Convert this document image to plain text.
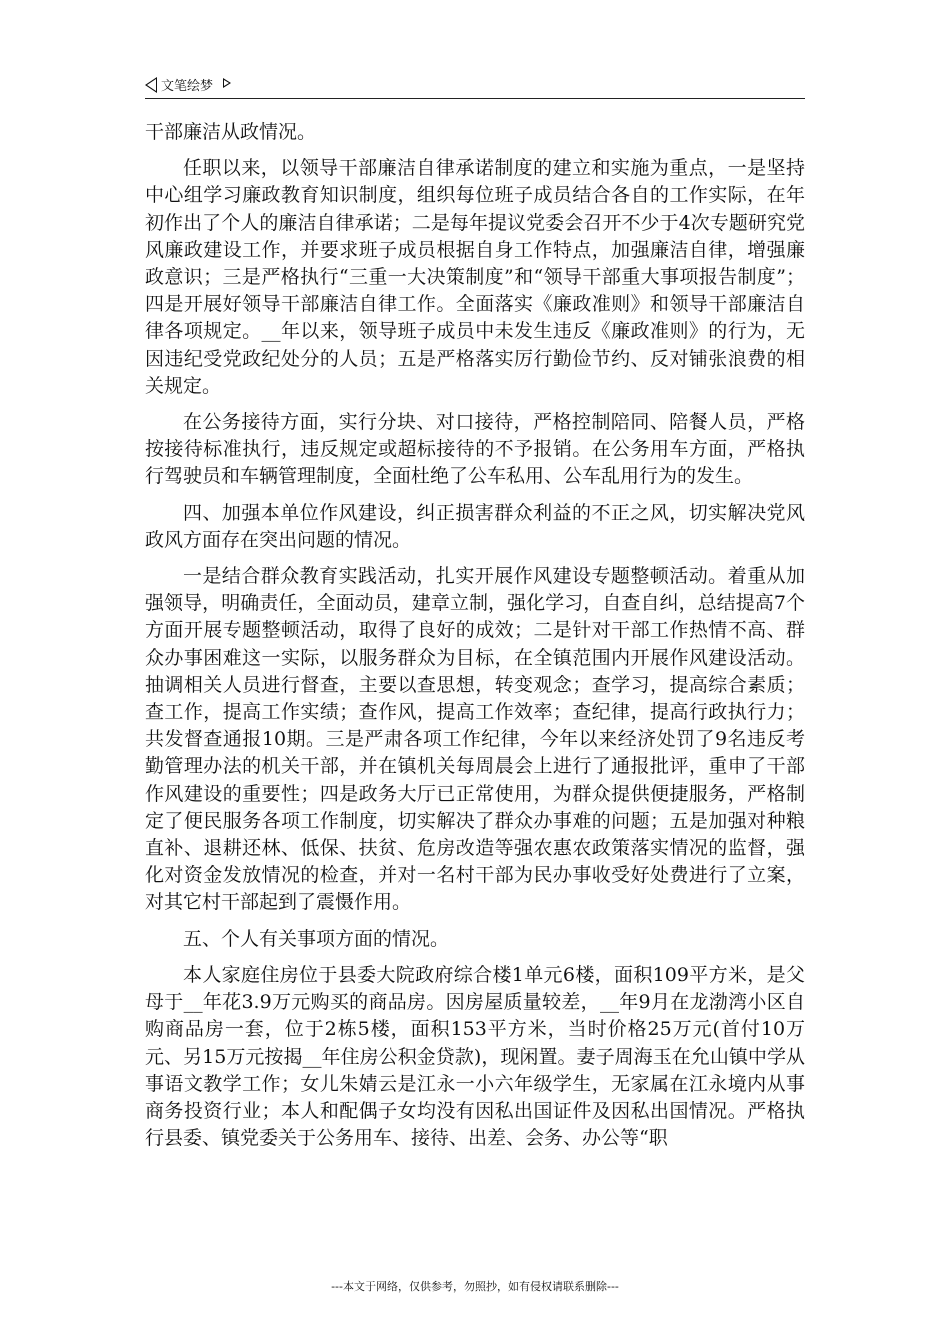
文笔绘梦

干部廉洁从政情况。

任职以来，以领导干部廉洁自律承诺制度的建立和实施为重点，一是坚持中心组学习廉政教育知识制度，组织每位班子成员结合各自的工作实际，在年初作出了个人的廉洁自律承诺；二是每年提议党委会召开不少于4次专题研究党风廉政建设工作，并要求班子成员根据自身工作特点，加强廉洁自律，增强廉政意识；三是严格执行“三重一大决策制度”和“领导干部重大事项报告制度”；四是开展好领导干部廉洁自律工作。全面落实《廉政准则》和领导干部廉洁自律各项规定。__年以来，领导班子成员中未发生违反《廉政准则》的行为，无因违纪受党政纪处分的人员；五是严格落实厉行勤俭节约、反对铺张浪费的相关规定。

在公务接待方面，实行分块、对口接待，严格控制陪同、陪餐人员，严格按接待标准执行，违反规定或超标接待的不予报销。在公务用车方面，严格执行驾驶员和车辆管理制度，全面杜绝了公车私用、公车乱用行为的发生。

四、加强本单位作风建设，纠正损害群众利益的不正之风，切实解决党风政风方面存在突出问题的情况。

一是结合群众教育实践活动，扎实开展作风建设专题整顿活动。着重从加强领导，明确责任，全面动员，建章立制，强化学习，自查自纠，总结提高7个方面开展专题整顿活动，取得了良好的成效；二是针对干部工作热情不高、群众办事困难这一实际，以服务群众为目标，在全镇范围内开展作风建设活动。抽调相关人员进行督查，主要以查思想，转变观念；查学习，提高综合素质；查工作，提高工作实绩；查作风，提高工作效率；查纪律，提高行政执行力；共发督查通报10期。三是严肃各项工作纪律，今年以来经济处罚了9名违反考勤管理办法的机关干部，并在镇机关每周晨会上进行了通报批评，重申了干部作风建设的重要性；四是政务大厅已正常使用，为群众提供便捷服务，严格制定了便民服务各项工作制度，切实解决了群众办事难的问题；五是加强对种粮直补、退耕还林、低保、扶贫、危房改造等强农惠农政策落实情况的监督，强化对资金发放情况的检查，并对一名村干部为民办事收受好处费进行了立案，对其它村干部起到了震慑作用。

五、个人有关事项方面的情况。

本人家庭住房位于县委大院政府综合楼1单元6楼，面积109平方米，是父母于__年花3.9万元购买的商品房。因房屋质量较差，__年9月在龙渤湾小区自购商品房一套，位于2栋5楼，面积153平方米，当时价格25万元(首付10万元、另15万元按揭__年住房公积金贷款)，现闲置。妻子周海玉在允山镇中学从事语文教学工作；女儿朱婧云是江永一小六年级学生，无家属在江永境内从事商务投资行业；本人和配偶子女均没有因私出国证件及因私出国情况。严格执行县委、镇党委关于公务用车、接待、出差、会务、办公等“职

---本文于网络，仅供参考，勿照抄，如有侵权请联系删除---
